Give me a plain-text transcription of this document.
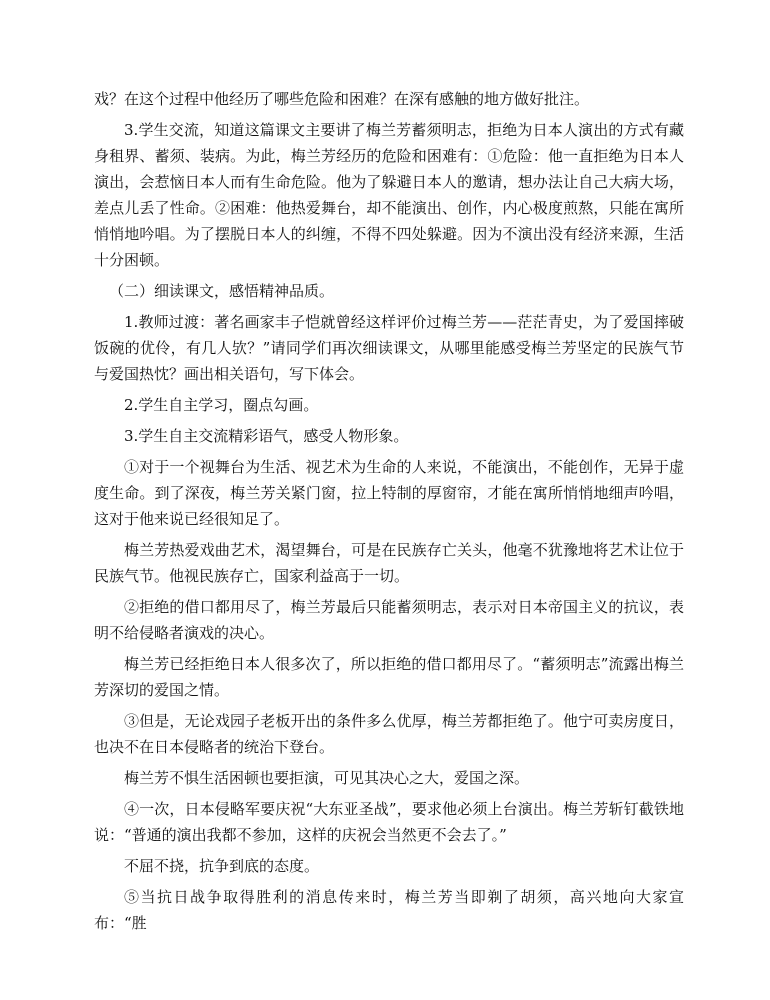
戏？在这个过程中他经历了哪些危险和困难？在深有感触的地方做好批注。

3.学生交流，知道这篇课文主要讲了梅兰芳蓄须明志，拒绝为日本人演出的方式有藏身租界、蓄须、装病。为此，梅兰芳经历的危险和困难有：①危险：他一直拒绝为日本人演出，会惹恼日本人而有生命危险。他为了躲避日本人的邀请，想办法让自己大病大场，差点儿丢了性命。②困难：他热爱舞台，却不能演出、创作，内心极度煎熬，只能在寓所悄悄地吟唱。为了摆脱日本人的纠缠，不得不四处躲避。因为不演出没有经济来源，生活十分困顿。

（二）细读课文，感悟精神品质。

1.教师过渡：著名画家丰子恺就曾经这样评价过梅兰芳——茫茫青史，为了爱国摔破饭碗的优伶，有几人欤？”请同学们再次细读课文，从哪里能感受梅兰芳坚定的民族气节与爱国热忱？画出相关语句，写下体会。

2.学生自主学习，圈点勾画。

3.学生自主交流精彩语气，感受人物形象。

①对于一个视舞台为生活、视艺术为生命的人来说，不能演出，不能创作，无异于虚度生命。到了深夜，梅兰芳关紧门窗，拉上特制的厚窗帘，才能在寓所悄悄地细声吟唱，这对于他来说已经很知足了。

梅兰芳热爱戏曲艺术，渴望舞台，可是在民族存亡关头，他毫不犹豫地将艺术让位于民族气节。他视民族存亡，国家利益高于一切。

②拒绝的借口都用尽了，梅兰芳最后只能蓄须明志，表示对日本帝国主义的抗议，表明不给侵略者演戏的决心。

梅兰芳已经拒绝日本人很多次了，所以拒绝的借口都用尽了。“蓄须明志”流露出梅兰芳深切的爱国之情。

③但是，无论戏园子老板开出的条件多么优厚，梅兰芳都拒绝了。他宁可卖房度日，也决不在日本侵略者的统治下登台。

梅兰芳不惧生活困顿也要拒演，可见其决心之大，爱国之深。

④一次，日本侵略军要庆祝“大东亚圣战”，要求他必须上台演出。梅兰芳斩钉截铁地说：“普通的演出我都不参加，这样的庆祝会当然更不会去了。”

不屈不挠，抗争到底的态度。

⑤当抗日战争取得胜利的消息传来时，梅兰芳当即剃了胡须，高兴地向大家宣布：“胜
